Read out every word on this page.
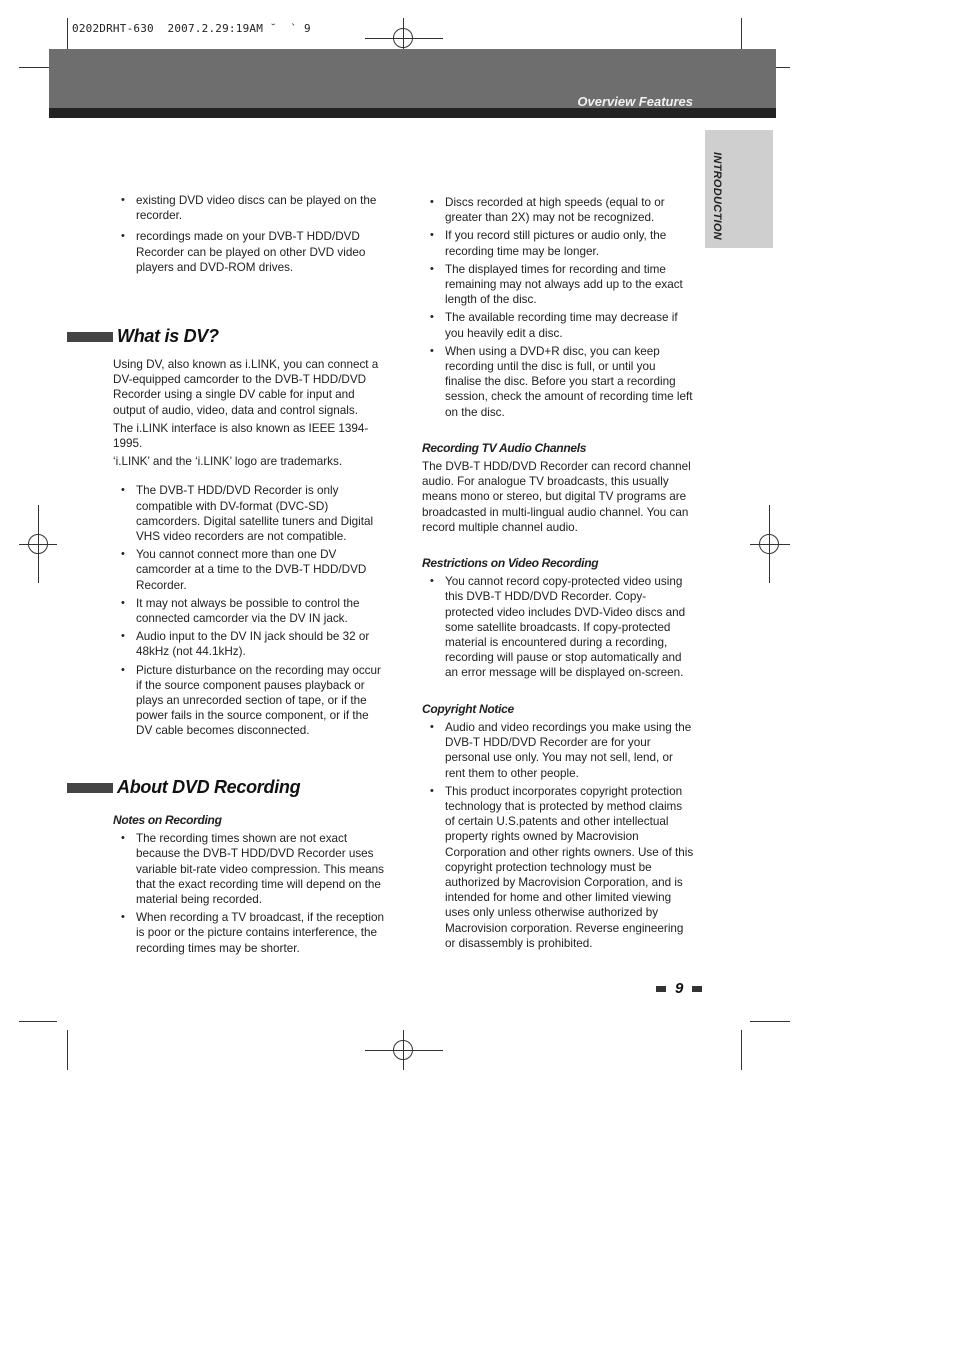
0202DRHT-630  2007.2.29:19AM ˘  ` 9
Overview Features
INTRODUCTION
• existing DVD video discs can be played on the recorder.
• recordings made on your DVB-T HDD/DVD Recorder can be played on other DVD video players and DVD-ROM drives.
What is DV?

Using DV, also known as i.LINK, you can connect a DV-equipped camcorder to the DVB-T HDD/DVD Recorder using a single DV cable for input and output of audio, video, data and control signals.

The i.LINK interface is also known as IEEE 1394-1995.

‘i.LINK’ and the ‘i.LINK’ logo are trademarks.

• The DVB-T HDD/DVD Recorder is only compatible with DV-format (DVC-SD) camcorders. Digital satellite tuners and Digital VHS video recorders are not compatible.
• You cannot connect more than one DV camcorder at a time to the DVB-T HDD/DVD Recorder.
• It may not always be possible to control the connected camcorder via the DV IN jack.
• Audio input to the DV IN jack should be 32 or 48kHz (not 44.1kHz).
• Picture disturbance on the recording may occur if the source component pauses playback or plays an unrecorded section of tape, or if the power fails in the source component, or if the DV cable becomes disconnected.
About DVD Recording
Notes on Recording
• The recording times shown are not exact because the DVB-T HDD/DVD Recorder uses variable bit-rate video compression. This means that the exact recording time will depend on the material being recorded.
• When recording a TV broadcast, if the reception is poor or the picture contains interference, the recording times may be shorter.
• Discs recorded at high speeds (equal to or greater than 2X) may not be recognized.
• If you record still pictures or audio only, the recording time may be longer.
• The displayed times for recording and time remaining may not always add up to the exact length of the disc.
• The available recording time may decrease if you heavily edit a disc.
• When using a DVD+R disc, you can keep recording until the disc is full, or until you finalise the disc. Before you start a recording session, check the amount of recording time left on the disc.
Recording TV Audio Channels

The DVB-T HDD/DVD Recorder can record channel audio. For analogue TV broadcasts, this usually means mono or stereo, but digital TV programs are broadcasted in multi-lingual audio channel. You can record multiple channel audio.

Restrictions on Video Recording
• You cannot record copy-protected video using this DVB-T HDD/DVD Recorder. Copy-protected video includes DVD-Video discs and some satellite broadcasts. If copy-protected material is encountered during a recording, recording will pause or stop automatically and an error message will be displayed on-screen.
Copyright Notice
• Audio and video recordings you make using the DVB-T HDD/DVD Recorder are for your personal use only. You may not sell, lend, or rent them to other people.
• This product incorporates copyright protection technology that is protected by method claims of certain U.S.patents and other intellectual property rights owned by Macrovision Corporation and other rights owners. Use of this copyright protection technology must be authorized by Macrovision Corporation, and is intended for home and other limited viewing uses only unless otherwise authorized by Macrovision corporation. Reverse engineering or disassembly is prohibited.
9
